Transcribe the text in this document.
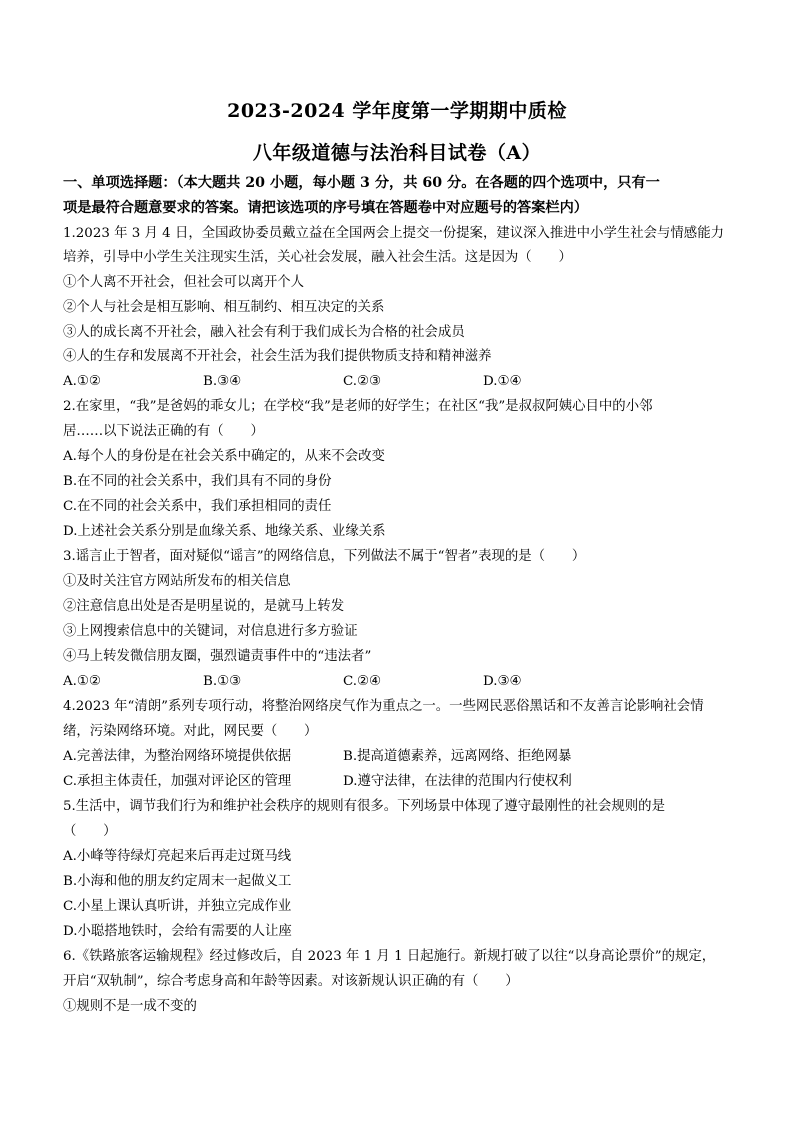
2023-2024 学年度第一学期期中质检
八年级道德与法治科目试卷（A）
一、单项选择题：（本大题共 20 小题，每小题 3 分，共 60 分。在各题的四个选项中，只有一
项是最符合题意要求的答案。请把该选项的序号填在答题卷中对应题号的答案栏内）
1.2023 年 3 月 4 日，全国政协委员戴立益在全国两会上提交一份提案，建议深入推进中小学生社会与情感能力
培养，引导中小学生关注现实生活，关心社会发展，融入社会生活。这是因为（　　）
①个人离不开社会，但社会可以离开个人
②个人与社会是相互影响、相互制约、相互决定的关系
③人的成长离不开社会，融入社会有利于我们成长为合格的社会成员
④人的生存和发展离不开社会，社会生活为我们提供物质支持和精神滋养
A.①②	B.③④	C.②③	D.①④
2.在家里，“我”是爸妈的乖女儿；在学校“我”是老师的好学生；在社区“我”是叔叔阿姨心目中的小邻
居……以下说法正确的有（　　）
A.每个人的身份是在社会关系中确定的，从来不会改变
B.在不同的社会关系中，我们具有不同的身份
C.在不同的社会关系中，我们承担相同的责任
D.上述社会关系分别是血缘关系、地缘关系、业缘关系
3.谣言止于智者，面对疑似“谣言”的网络信息，下列做法不属于“智者”表现的是（　　）
①及时关注官方网站所发布的相关信息
②注意信息出处是否是明星说的，是就马上转发
③上网搜索信息中的关键词，对信息进行多方验证
④马上转发微信朋友圈，强烈谴责事件中的“违法者”
A.①②	B.①③	C.②④	D.③④
4.2023 年“清朗”系列专项行动，将整治网络戾气作为重点之一。一些网民恶俗黑话和不友善言论影响社会情
绪，污染网络环境。对此，网民要（　　）
A.完善法律，为整治网络环境提供依据	B.提高道德素养，远离网络、拒绝网暴
C.承担主体责任，加强对评论区的管理	D.遵守法律，在法律的范围内行使权利
5.生活中，调节我们行为和维护社会秩序的规则有很多。下列场景中体现了遵守最刚性的社会规则的是
（　　）
A.小峰等待绿灯亮起来后再走过斑马线
B.小海和他的朋友约定周末一起做义工
C.小星上课认真听讲，并独立完成作业
D.小聪搭地铁时，会给有需要的人让座
6.《铁路旅客运输规程》经过修改后，自 2023 年 1 月 1 日起施行。新规打破了以往“以身高论票价”的规定，
开启“双轨制”，综合考虑身高和年龄等因素。对该新规认识正确的有（　　）
①规则不是一成不变的
